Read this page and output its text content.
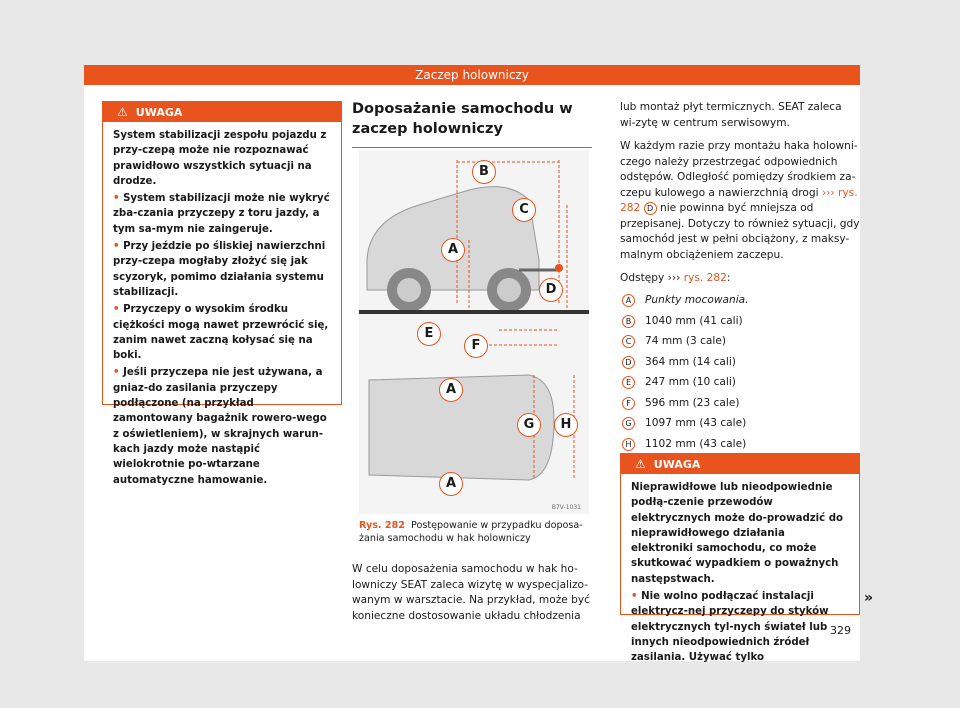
Zaczep holowniczy
⚠ UWAGA

System stabilizacji zespołu pojazdu z przy-czepą może nie rozpoznawać prawidłowo wszystkich sytuacji na drodze.

• System stabilizacji może nie wykryć zba-czania przyczepy z toru jazdy, a tym sa-mym nie zaingeruje.

• Przy jeździe po śliskiej nawierzchni przy-czepa mogłaby złożyć się jak scyzoryk, pomimo działania systemu stabilizacji.

• Przyczepy o wysokim środku ciężkości mogą nawet przewrócić się, zanim nawet zaczną kołysać się na boki.

• Jeśli przyczepa nie jest używana, a gniaz-do zasilania przyczepy podłączone (na przykład zamontowany bagażnik rowero-wego z oświetleniem), w skrajnych warun-kach jazdy może nastąpić wielokrotnie po-wtarzane automatyczne hamowanie.

Doposażanie samochodu w zaczep holowniczy

B
C
A
D
E
F
A
G	H
A
B7V-1031
Rys. 282 Postępowanie w przypadku doposa-żania samochodu w hak holowniczy
W celu doposażenia samochodu w hak ho-lowniczy SEAT zaleca wizytę w wyspecjalizo-wanym w warsztacie. Na przykład, może być konieczne dostosowanie układu chłodzenia

lub montaż płyt termicznych. SEAT zaleca wi-zytę w centrum serwisowym.

W każdym razie przy montażu haka holowni-czego należy przestrzegać odpowiednich odstępów. Odległość pomiędzy środkiem za-czepu kulowego a nawierzchnią drogi ››› rys. 282 D nie powinna być mniejsza od przepisanej. Dotyczy to również sytuacji, gdy samochód jest w pełni obciążony, z maksy-malnym obciążeniem zaczepu.

Odstępy ››› rys. 282:
A	Punkty mocowania.
B	1040 mm (41 cali)
C	74 mm (3 cale)
D	364 mm (14 cali)
E	247 mm (10 cali)
F	596 mm (23 cale)
G	1097 mm (43 cale)
H	1102 mm (43 cale)
⚠ UWAGA

Nieprawidłowe lub nieodpowiednie podłą-czenie przewodów elektrycznych może do-prowadzić do nieprawidłowego działania elektroniki samochodu, co może skutkować wypadkiem o poważnych następstwach.

• Nie wolno podłączać instalacji elektrycz-nej przyczepy do styków elektrycznych tyl-nych świateł lub innych nieodpowiednich źródeł zasilania. Używać tylko

»
329
